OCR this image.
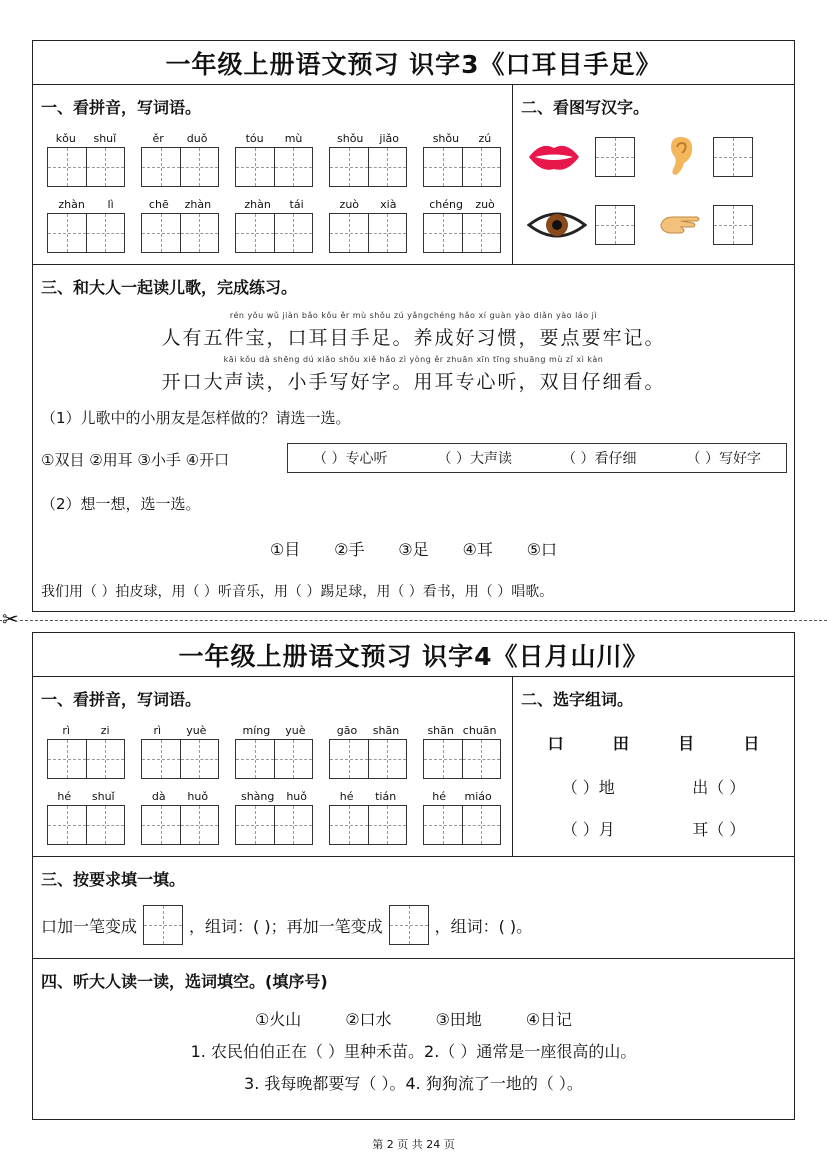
一年级上册语文预习 识字3《口耳目手足》
一、看拼音，写词语。
kǒu shuǐ	ěr duǒ	tóu mù	shǒu jiǎo	shǒu zú
zhàn lì	chē zhàn	zhàn tái	zuò xià	chéng zuò
二、看图写汉字。
三、和大人一起读儿歌，完成练习。
rén yǒu wǔ jiàn bǎo kǒu ěr mù shǒu zú yǎngchéng hǎo xí guàn yào diǎn yào láo jì
人有五件宝，口耳目手足。养成好习惯，要点要牢记。
kāi kǒu dà shēng dú xiǎo shǒu xiě hǎo zì yòng ěr zhuān xīn tīng shuāng mù zǐ xì kàn
开口大声读，小手写好字。用耳专心听，双目仔细看。
（1）儿歌中的小朋友是怎样做的？请选一选。
①双目 ②用耳 ③小手 ④开口	（ ）专心听	（ ）大声读	（ ）看仔细	（ ）写好字
（2）想一想，选一选。
①目 ②手 ③足 ④耳 ⑤口
我们用（ ）拍皮球，用（ ）听音乐，用（ ）踢足球，用（ ）看书，用（ ）唱歌。
✂
一年级上册语文预习 识字4《日月山川》
一、看拼音，写词语。
rì	zi	rì yuè	míng yuè	gāo shān	shān chuān
hé shuǐ	dà huǒ	shàng huǒ	hé tián	hé miáo
二、选字组词。
口	田	目	日
（ ）地	出（ ）
（ ）月	耳（ ）
三、按要求填一填。
口加一笔变成	，组词：( )；再加一笔变成	，组词：( )。
四、听大人读一读，选词填空。(填序号)
①火山	②口水	③田地	④日记
1. 农民伯伯正在（ ）里种禾苗。2.（ ）通常是一座很高的山。
3. 我每晚都要写（ ）。4. 狗狗流了一地的（ ）。
第 2 页 共 24 页
